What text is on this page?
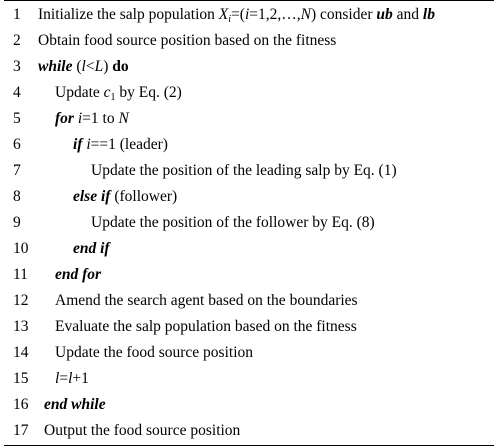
1	Initialize the salp population $X_i=(i=1,2,\dots,N)$ consider ub and lb
2	Obtain food source position based on the fitness
3	while (l<L) do
4	Update $c_1$ by Eq. (2)
5	for i=1 to N
6	if i==1 (leader)
7	Update the position of the leading salp by Eq. (1)
8	else if (follower)
9	Update the position of the follower by Eq. (8)
10	end if
11	end for
12 Amend the search agent based on the boundaries
13 Evaluate the salp population based on the fitness
14 Update the food source position
15 l=l+1
16 end while
17 Output the food source position
